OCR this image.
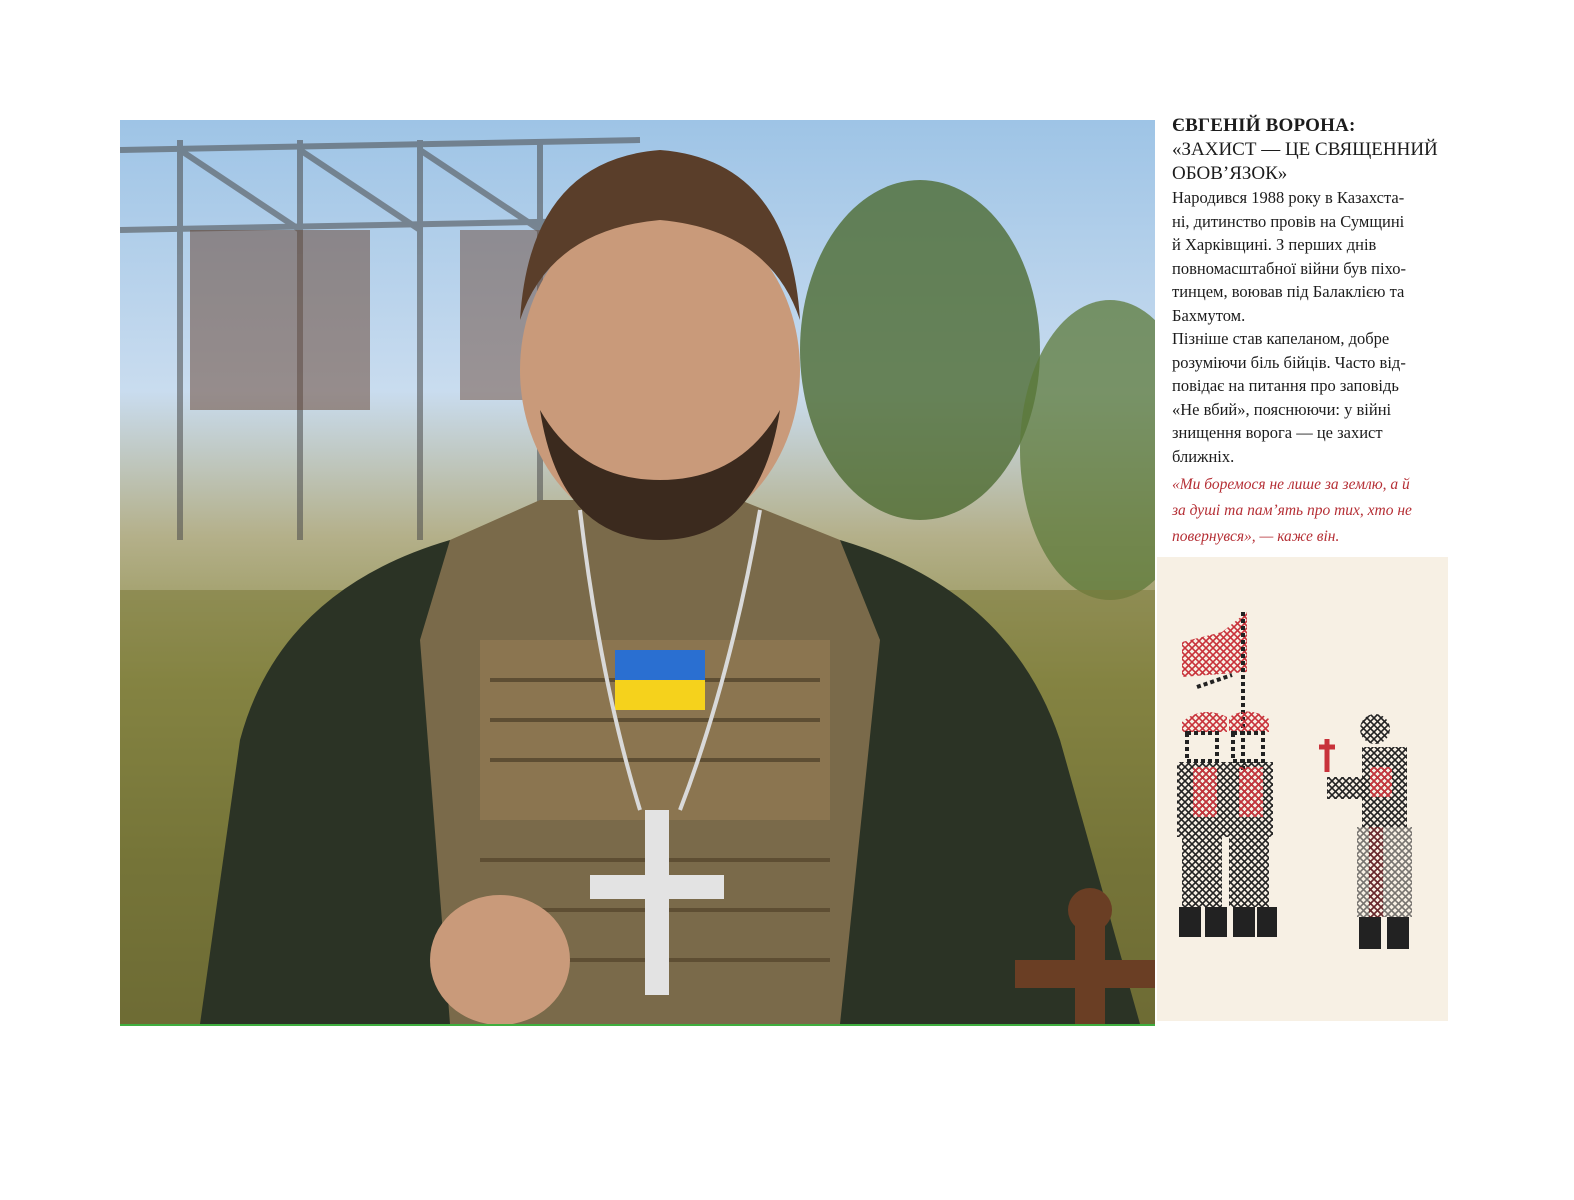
ЄВГЕНІЙ ВОРОНА:

«ЗАХИСТ — ЦЕ СВЯЩЕННИЙ
ОБОВ’ЯЗОК»

Народився 1988 року в Казахста-
ні, дитинство провів на Сумщині
й Харківщині. З перших днів
повномасштабної війни був піхо-
тинцем, воював під Балаклією та
Бахмутом.
Пізніше став капеланом, добре
розуміючи біль бійців. Часто від-
повідає на питання про заповідь
«Не вбий», пояснюючи: у війні
знищення ворога — це захист
ближніх.

«Ми боремося не лише за землю, а й
за душі та пам’ять про тих, хто не
повернувся», — каже він.
